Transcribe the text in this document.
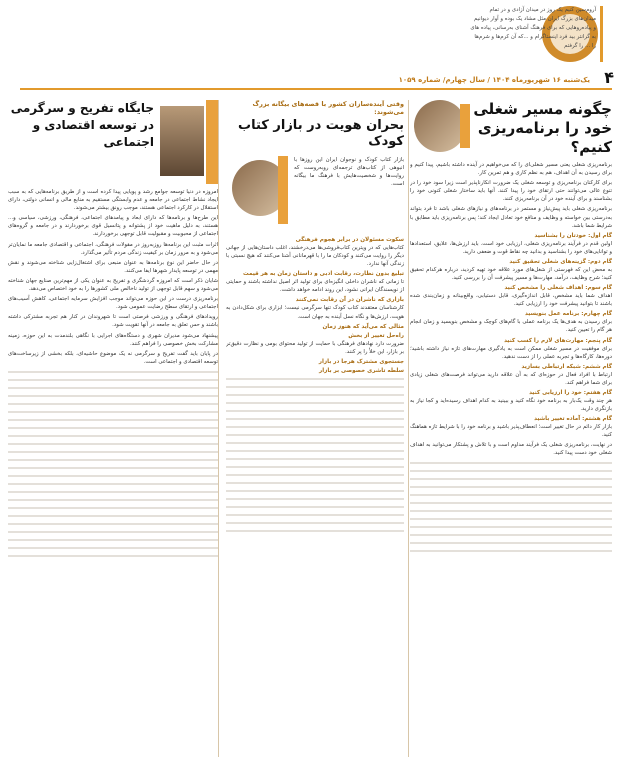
۴
آروم‌سین کنیم یک روز در میدان آزادی و در تمام میدان‌های بزرگ ایران مثل ‌مشاد یک بوده و آوار دیوانیم و پیاده‌روهایی که برای فرهنگ آشنای به‌رسانی، پیاده های به گرانتر بید فرد اینستاگرام و ...که آن کرم‌ها و شرم‌ها را ... را گرفتم
یک‌شنبه ۱۶ شهریورماه ۱۴۰۴ / سال چهارم/ شماره ۱۰۵۹
چگونه مسیر شغلی خود را برنامه‌ریزی کنیم؟

برنامه‌ریزی شغلی یعنی مسیر شغلی‌ای را که می‌خواهیم در آینده داشته باشیم، پیدا کنیم و برای رسیدن به آن اهداف، هم به نظم کاری و هم تمرین کار.

برای کارکنان برنامه‌ریزی و توسعه شغلی یک ضرورت انکارناپذیر است زیرا سود خود را در تنوع عالی می‌توانند حتی ارتقای خود را پیدا کنند. آنها باید ساختار شغلی کنونی خود را بشناسند و برای آینده خود در آن برنامه‌ریزی کنند.

برنامه‌ریزی شغلی باید پیش‌نیاز و مستمر در برنامه‌های و نیازهای شغلی باشد تا فرد بتواند به‌درستی بین خواسته و وظایف و منافع خود تعادل ایجاد کند؛ پس برنامه‌ریزی باید مطابق با شرایط شما باشد.

گام اول: خودتان را بشناسید

اولین قدم در فرآیند برنامه‌ریزی شغلی، ارزیابی خود است. باید ارزش‌ها، علایق، استعدادها و توانایی‌های خود را بشناسید و بدانید چه نقاط قوت و ضعفی دارید.

گام دوم: گزینه‌های شغلی تحقیق کنید

به محض این که فهرستی از شغل‌های مورد علاقه خود تهیه کردید، درباره هرکدام تحقیق کنید؛ شرح وظایف، درآمد، مهارت‌ها و مسیر پیشرفت آن را بررسی کنید.

گام سوم: اهداف شغلی را مشخص کنید

اهداف شما باید مشخص، قابل اندازه‌گیری، قابل دستیابی، واقع‌بینانه و زمان‌بندی شده باشند تا بتوانید پیشرفت خود را ارزیابی کنید.

گام چهارم: برنامه عمل بنویسید

برای رسیدن به هدف‌ها یک برنامه عملی با گام‌های کوچک و مشخص بنویسید و زمان انجام هر گام را تعیین کنید.

گام پنجم: مهارت‌های لازم را کسب کنید

برای موفقیت در مسیر شغلی ممکن است به یادگیری مهارت‌های تازه نیاز داشته باشید؛ دوره‌ها، کارگاه‌ها و تجربه عملی را از دست ندهید.

گام ششم: شبکه ارتباطی بسازید

ارتباط با افراد فعال در حوزه‌ای که به آن علاقه دارید می‌تواند فرصت‌های شغلی زیادی برای شما فراهم کند.

گام هفتم: خود را ارزیابی کنید

هر چند وقت یک‌بار به برنامه خود نگاه کنید و ببینید به کدام اهداف رسیده‌اید و کجا نیاز به بازنگری دارید.

گام هشتم: آماده تغییر باشید

بازار کار دائم در حال تغییر است؛ انعطاف‌پذیر باشید و برنامه خود را با شرایط تازه هماهنگ کنید.

در نهایت، برنامه‌ریزی شغلی یک فرآیند مداوم است و با تلاش و پشتکار می‌توانید به اهداف شغلی خود دست پیدا کنید.

وقتی آینده‌سازان کشور با قصه‌های بیگانه بزرگ می‌شوند:
بحران هویت در بازار کتاب کودک

بازار کتاب کودک و نوجوان ایران این روزها با انبوهی از کتاب‌های ترجمه‌ای روبه‌روست که روایت‌ها و شخصیت‌هایش با فرهنگ ما بیگانه است.

سکوت مسئولان در برابر هجوم فرهنگی

کتاب‌هایی که در ویترین کتاب‌فروشی‌ها می‌درخشند، اغلب داستان‌هایی از جهانی دیگر را روایت می‌کنند و کودکان ما را با قهرمانانی آشنا می‌کنند که هیچ نسبتی با زندگی آنها ندارد.

تبلیغ بدون نظارت، رقابت ادبی و داستان زمان به هر قیمت

تا زمانی که ناشران داخلی انگیزه‌ای برای تولید اثر اصیل نداشته باشند و حمایتی از نویسندگان ایرانی نشود، این روند ادامه خواهد داشت.

بازاری که ناشران در آن رقابت نمی‌کنند

کارشناسان معتقدند کتاب کودک تنها سرگرمی نیست؛ ابزاری برای شکل‌دادن به هویت، ارزش‌ها و نگاه نسل آینده به جهان است.

مثالی که می‌آید که هنوز زمان
راه‌حل تغییر از بخش

ضرورت دارد نهادهای فرهنگی با حمایت از تولید محتوای بومی و نظارت دقیق‌تر بر بازار، این خلأ را پر کنند.

جستجوی مشترک هرجا در بازار
سلطه تاشری خصوصی بر بازار
جایگاه تفریح و سرگرمی در توسعه اقتصادی و اجتماعی

امروزه در دنیا توسعه جوامع رشد و پویایی پیدا کرده است و از طریق برنامه‌هایی که به سبب ایجاد نشاط اجتماعی در جامعه و عدم وابستگی مستقیم به منابع مالی و انسانی دولتی، دارای استقلال در کارکرد اجتماعی هستند، موجب رونق بیشتر می‌شوند.

این طرح‌ها و برنامه‌ها که دارای ابعاد و پیامدهای اجتماعی، فرهنگی، ورزشی، سیاسی و... هستند، به دلیل ماهیت خود از پشتوانه و پتانسیل قوی برخوردارند و در جامعه و گروه‌های اجتماعی از محبوبیت و مقبولیت قابل توجهی برخوردارند.

اثرات مثبت این برنامه‌ها روزبه‌روز در مقولات فرهنگی، اجتماعی و اقتصادی جامعه ما نمایان‌تر می‌شود و به مرور زمان بر کیفیت زندگی مردم تأثیر می‌گذارد.

در حال حاضر این نوع برنامه‌ها به عنوان منبعی برای اشتغال‌زایی شناخته می‌شوند و نقش مهمی در توسعه پایدار شهرها ایفا می‌کنند.

شایان ذکر است که امروزه گردشگری و تفریح به عنوان یکی از مهم‌ترین صنایع جهان شناخته می‌شود و سهم قابل توجهی از تولید ناخالص ملی کشورها را به خود اختصاص می‌دهد.

برنامه‌ریزی درست در این حوزه می‌تواند موجب افزایش سرمایه اجتماعی، کاهش آسیب‌های اجتماعی و ارتقای سطح رضایت عمومی شود.

رویدادهای فرهنگی و ورزشی فرصتی است تا شهروندان در کنار هم تجربه مشترکی داشته باشند و حس تعلق به جامعه در آنها تقویت شود.

پیشنهاد می‌شود مدیران شهری و دستگاه‌های اجرایی با نگاهی بلندمدت به این حوزه، زمینه مشارکت بخش خصوصی را فراهم کنند.

در پایان باید گفت تفریح و سرگرمی نه یک موضوع حاشیه‌ای، بلکه بخشی از زیرساخت‌های توسعه اقتصادی و اجتماعی است.
